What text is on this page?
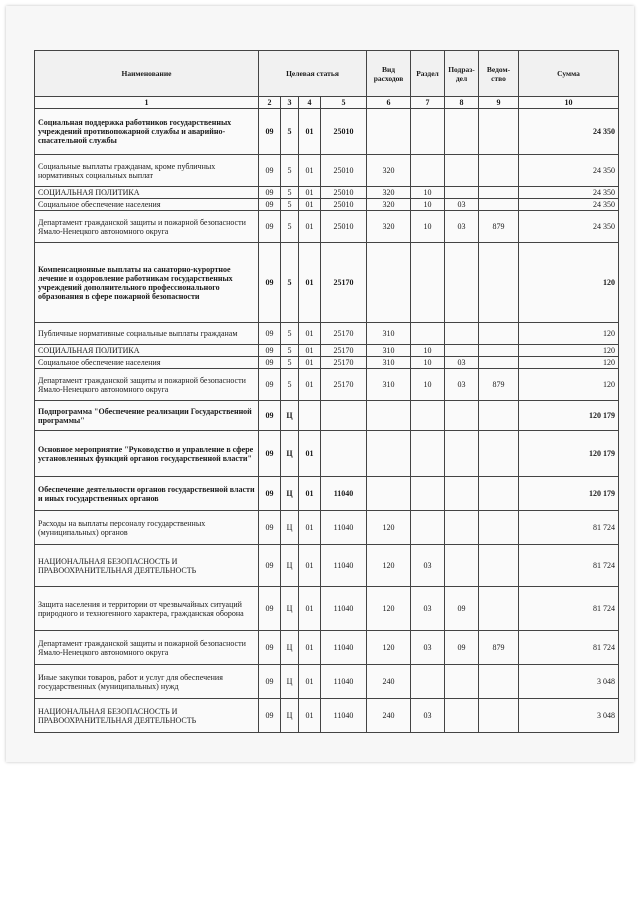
Наименование	Целевая статья				Вид расходов	Раздел	Подраз-дел	Ведом-ство	Сумма
1	2	3	4	5	6	7	8	9	10
Социальная поддержка работников государственных учреждений противопожарной службы и аварийно-спасательной службы	09	5	01	25010					24 350
Социальные выплаты гражданам, кроме публичных нормативных социальных выплат	09	5	01	25010	320				24 350
СОЦИАЛЬНАЯ ПОЛИТИКА	09	5	01	25010	320	10			24 350
Социальное обеспечение населения	09	5	01	25010	320	10	03		24 350
Департамент гражданской защиты и пожарной безопасности Ямало-Ненецкого автономного округа	09	5	01	25010	320	10	03	879	24 350
Компенсационные выплаты на санаторно-курортное лечение и оздоровление работникам государственных учреждений дополнительного профессионального образования в сфере пожарной безопасности	09	5	01	25170					120
Публичные нормативные социальные выплаты гражданам	09	5	01	25170	310				120
СОЦИАЛЬНАЯ ПОЛИТИКА	09	5	01	25170	310	10			120
Социальное обеспечение населения	09	5	01	25170	310	10	03		120
Департамент гражданской защиты и пожарной безопасности Ямало-Ненецкого автономного округа	09	5	01	25170	310	10	03	879	120
Подпрограмма "Обеспечение реализации Государственной программы"	09	Ц							120 179
Основное мероприятие "Руководство и управление в сфере установленных функций органов государственной власти"	09	Ц	01						120 179
Обеспечение деятельности органов государственной власти и иных государственных органов	09	Ц	01	11040					120 179
Расходы на выплаты персоналу государственных (муниципальных) органов	09	Ц	01	11040	120				81 724
НАЦИОНАЛЬНАЯ БЕЗОПАСНОСТЬ И ПРАВООХРАНИТЕЛЬНАЯ ДЕЯТЕЛЬНОСТЬ	09	Ц	01	11040	120	03			81 724
Защита населения и территории от чрезвычайных ситуаций природного и техногенного характера, гражданская оборона	09	Ц	01	11040	120	03	09		81 724
Департамент гражданской защиты и пожарной безопасности Ямало-Ненецкого автономного округа	09	Ц	01	11040	120	03	09	879	81 724
Иные закупки товаров, работ и услуг для обеспечения государственных (муниципальных) нужд	09	Ц	01	11040	240				3 048
НАЦИОНАЛЬНАЯ БЕЗОПАСНОСТЬ И ПРАВООХРАНИТЕЛЬНАЯ ДЕЯТЕЛЬНОСТЬ	09	Ц	01	11040	240	03			3 048
